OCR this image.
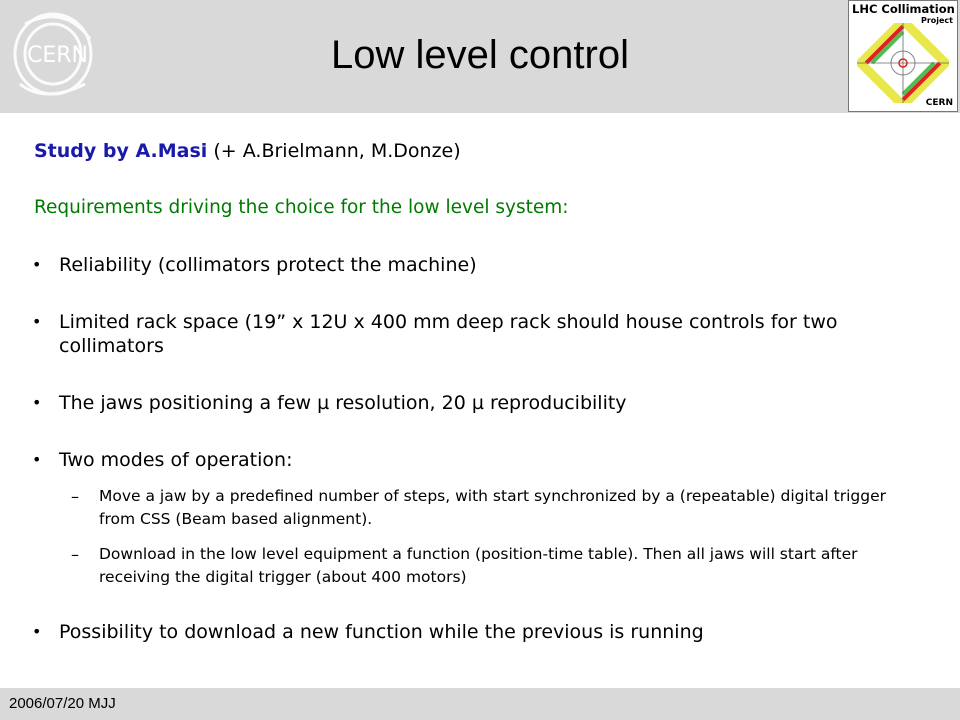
CERN	Low level control
LHC Collimation
Project
CERN
Study by A.Masi (+ A.Brielmann, M.Donze)
Requirements driving the choice for the low level system:
• Reliability (collimators protect the machine)
• Limited rack space (19” x 12U x 400 mm deep rack should house controls for two collimators
• The jaws positioning a few µ resolution, 20 µ reproducibility
• Two modes of operation:
– Move a jaw by a predefined number of steps, with start synchronized by a (repeatable) digital trigger from CSS (Beam based alignment).
– Download in the low level equipment a function (position-time table). Then all jaws will start after receiving the digital trigger (about 400 motors)
• Possibility to download a new function while the previous is running
2006/07/20 MJJ
